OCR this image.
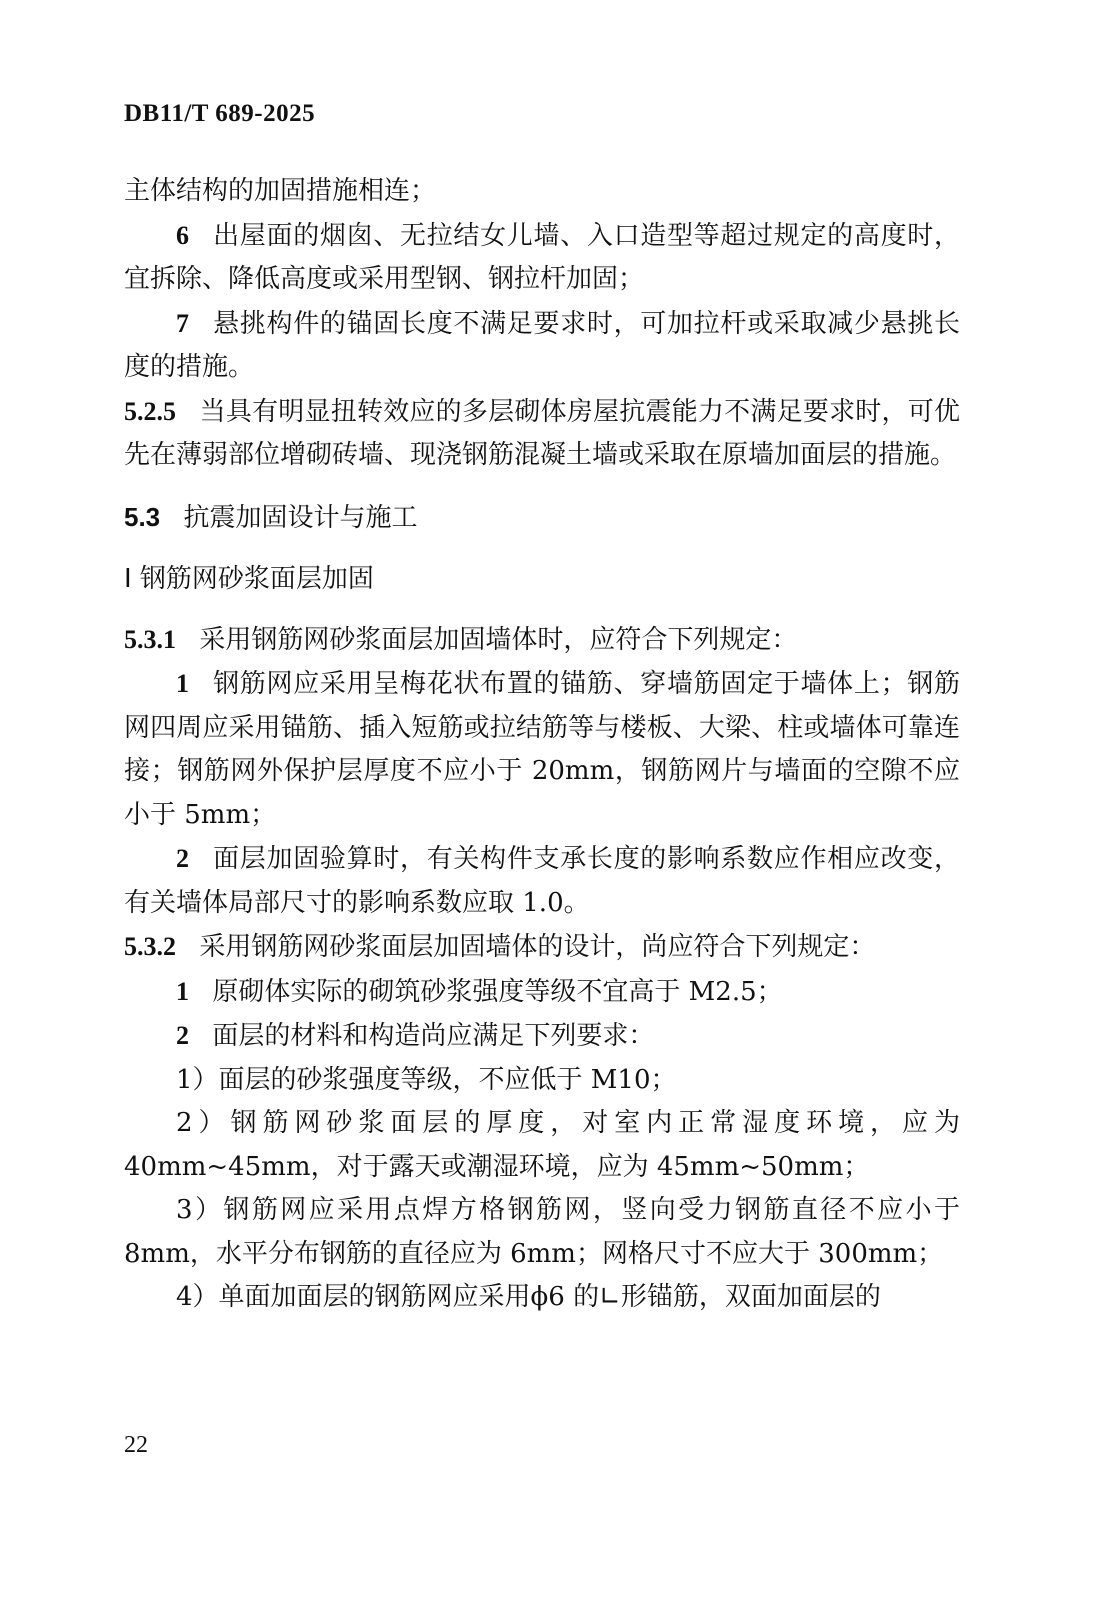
DB11/T 689-2025

主体结构的加固措施相连；

6 出屋面的烟囱、无拉结女儿墙、入口造型等超过规定的高度时，宜拆除、降低高度或采用型钢、钢拉杆加固；

7 悬挑构件的锚固长度不满足要求时，可加拉杆或采取减少悬挑长度的措施。

5.2.5 当具有明显扭转效应的多层砌体房屋抗震能力不满足要求时，可优先在薄弱部位增砌砖墙、现浇钢筋混凝土墙或采取在原墙加面层的措施。

5.3 抗震加固设计与施工

Ⅰ 钢筋网砂浆面层加固

5.3.1 采用钢筋网砂浆面层加固墙体时，应符合下列规定：

1 钢筋网应采用呈梅花状布置的锚筋、穿墙筋固定于墙体上；钢筋网四周应采用锚筋、插入短筋或拉结筋等与楼板、大梁、柱或墙体可靠连接；钢筋网外保护层厚度不应小于 20mm，钢筋网片与墙面的空隙不应小于 5mm；

2 面层加固验算时，有关构件支承长度的影响系数应作相应改变，有关墙体局部尺寸的影响系数应取 1.0。

5.3.2 采用钢筋网砂浆面层加固墙体的设计，尚应符合下列规定：

1 原砌体实际的砌筑砂浆强度等级不宜高于 M2.5；

2 面层的材料和构造尚应满足下列要求：

1）面层的砂浆强度等级，不应低于 M10；

2）钢筋网砂浆面层的厚度，对室内正常湿度环境，应为 40mm~45mm，对于露天或潮湿环境，应为 45mm~50mm；

3）钢筋网应采用点焊方格钢筋网，竖向受力钢筋直径不应小于 8mm，水平分布钢筋的直径应为 6mm；网格尺寸不应大于 300mm；

4）单面加面层的钢筋网应采用ϕ6 的∟形锚筋，双面加面层的

22
